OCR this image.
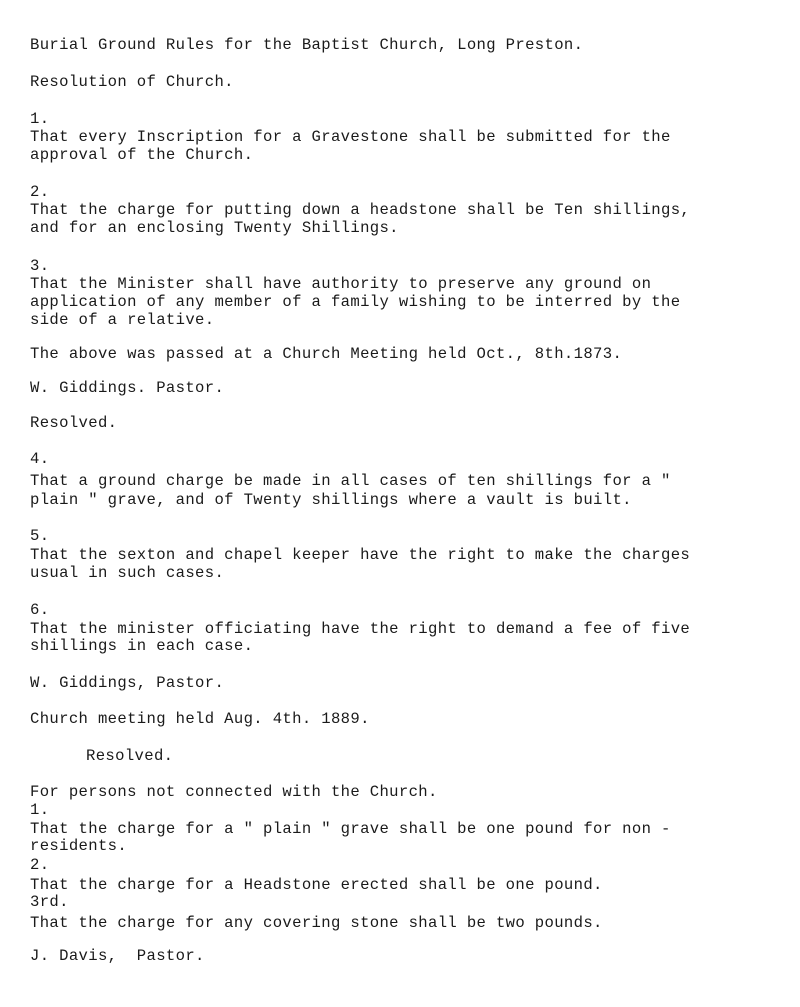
Burial Ground Rules for the Baptist Church, Long Preston.
Resolution of Church.
1.
That every Inscription for a Gravestone shall be submitted for the
approval of the Church.
2.
That the charge for putting down a headstone shall be Ten shillings,
and for an enclosing Twenty Shillings.
3.
That the Minister shall have authority to preserve any ground on
application of any member of a family wishing to be interred by the
side of a relative.
The above was passed at a Church Meeting held Oct., 8th.1873.
W. Giddings. Pastor.
Resolved.
4.
That a ground charge be made in all cases of ten shillings for a "
plain " grave, and of Twenty shillings where a vault is built.
5.
That the sexton and chapel keeper have the right to make the charges
usual in such cases.
6.
That the minister officiating have the right to demand a fee of five
shillings in each case.
W. Giddings, Pastor.
Church meeting held Aug. 4th. 1889.
Resolved.
For persons not connected with the Church.
1.
That the charge for a " plain " grave shall be one pound for non -
residents.
2.
That the charge for a Headstone erected shall be one pound.
3rd.
That the charge for any covering stone shall be two pounds.
J. Davis,  Pastor.
